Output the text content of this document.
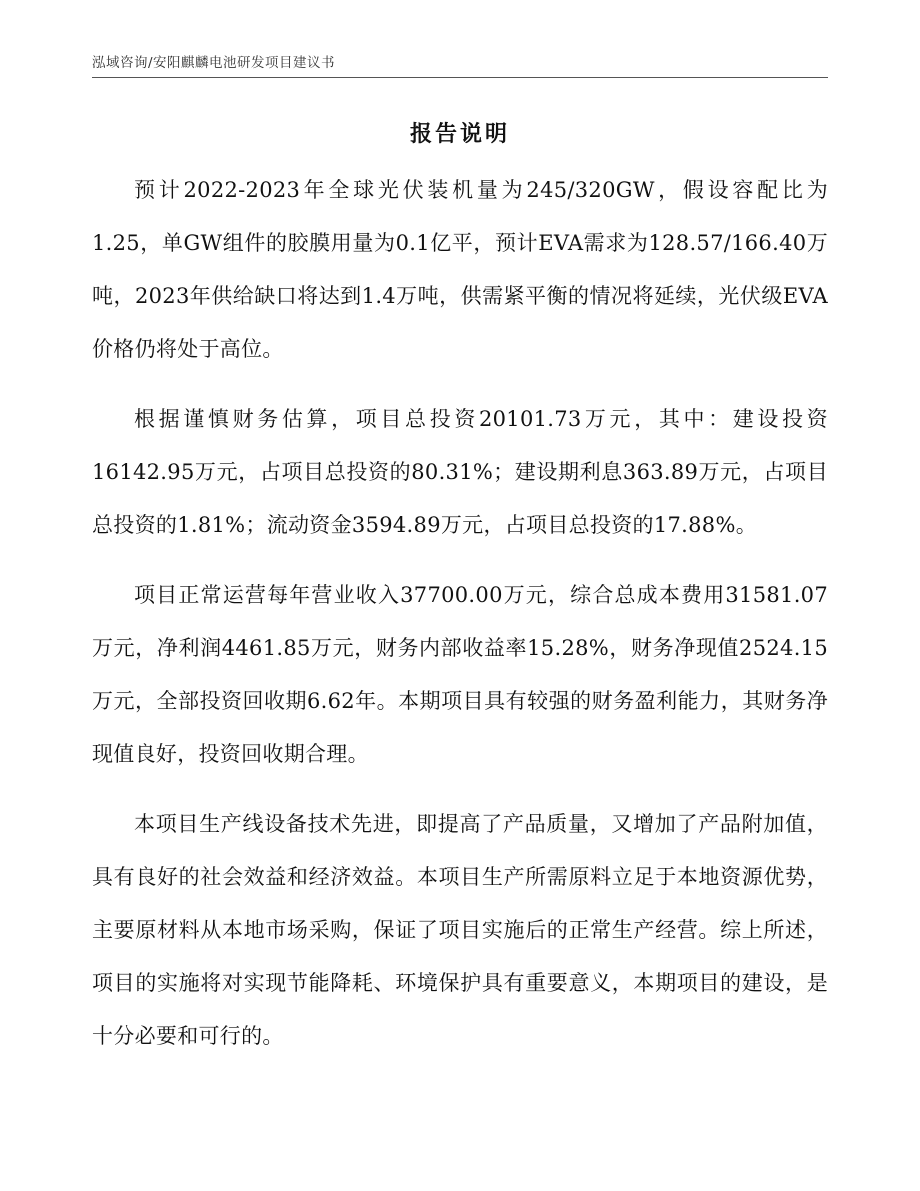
泓域咨询/安阳麒麟电池研发项目建议书
报告说明

预计2022-2023年全球光伏装机量为245/320GW，假设容配比为1.25，单GW组件的胶膜用量为0.1亿平，预计EVA需求为128.57/166.40万吨，2023年供给缺口将达到1.4万吨，供需紧平衡的情况将延续，光伏级EVA价格仍将处于高位。

根据谨慎财务估算，项目总投资20101.73万元，其中：建设投资16142.95万元，占项目总投资的80.31%；建设期利息363.89万元，占项目总投资的1.81%；流动资金3594.89万元，占项目总投资的17.88%。

项目正常运营每年营业收入37700.00万元，综合总成本费用31581.07万元，净利润4461.85万元，财务内部收益率15.28%，财务净现值2524.15万元，全部投资回收期6.62年。本期项目具有较强的财务盈利能力，其财务净现值良好，投资回收期合理。

本项目生产线设备技术先进，即提高了产品质量，又增加了产品附加值，具有良好的社会效益和经济效益。本项目生产所需原料立足于本地资源优势，主要原材料从本地市场采购，保证了项目实施后的正常生产经营。综上所述，项目的实施将对实现节能降耗、环境保护具有重要意义，本期项目的建设，是十分必要和可行的。
